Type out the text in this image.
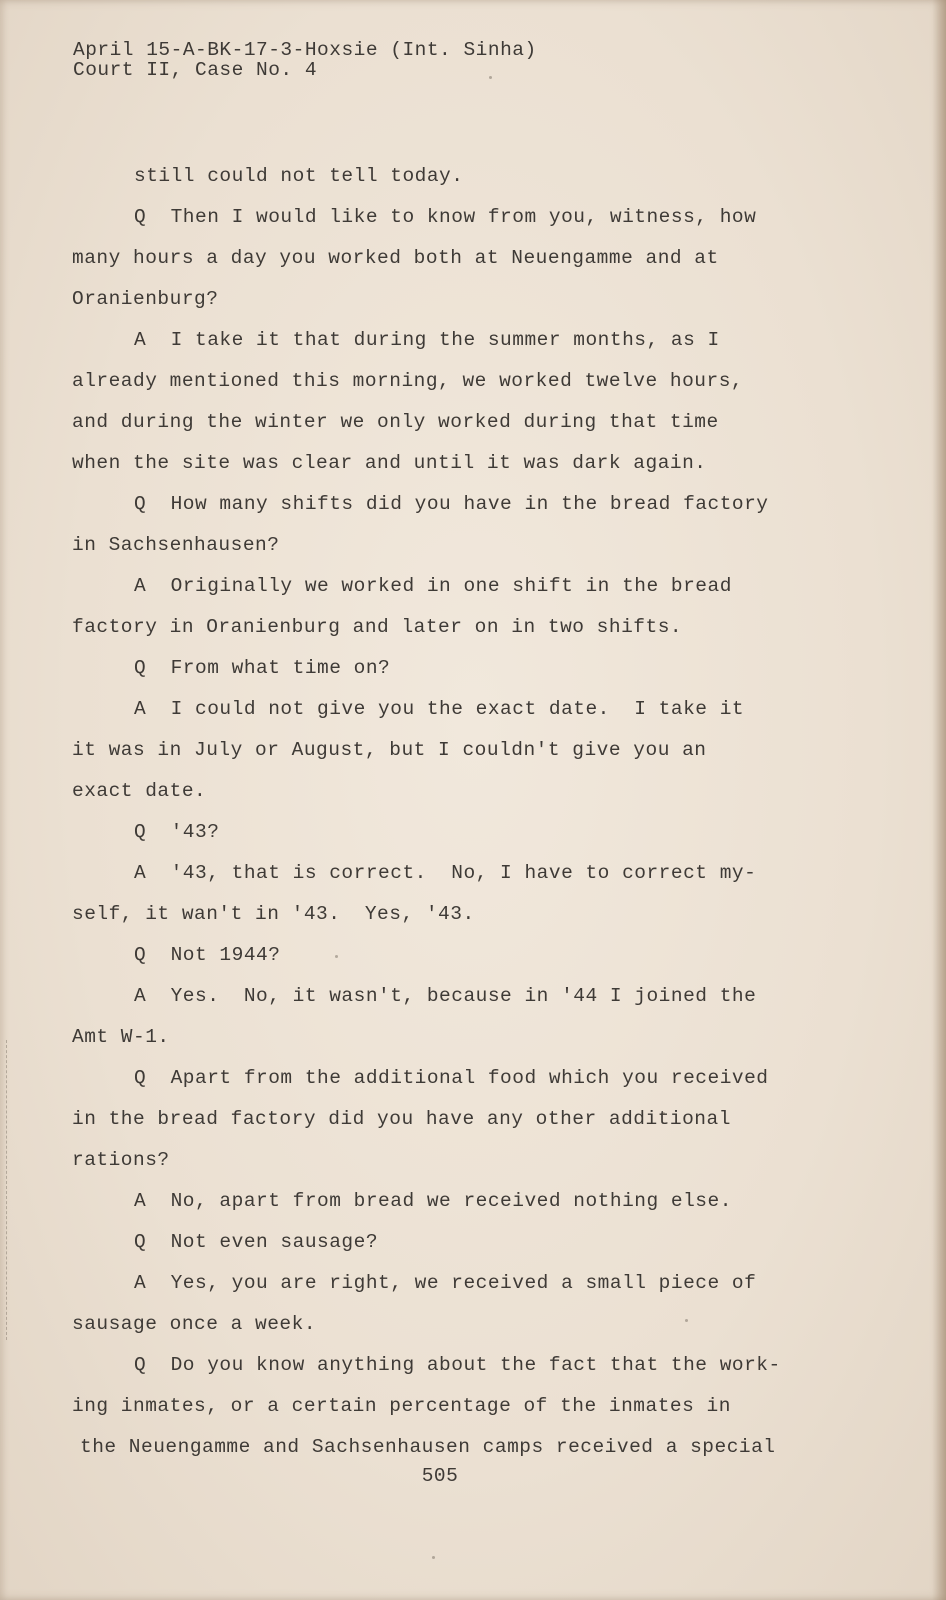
April 15-A-BK-17-3-Hoxsie (Int. Sinha)
Court II, Case No. 4
still could not tell today.
Q  Then I would like to know from you, witness, how
many hours a day you worked both at Neuengamme and at
Oranienburg?
A  I take it that during the summer months, as I
already mentioned this morning, we worked twelve hours,
and during the winter we only worked during that time
when the site was clear and until it was dark again.
Q  How many shifts did you have in the bread factory
in Sachsenhausen?
A  Originally we worked in one shift in the bread
factory in Oranienburg and later on in two shifts.
Q  From what time on?
A  I could not give you the exact date.  I take it
it was in July or August, but I couldn't give you an
exact date.
Q  '43?
A  '43, that is correct.  No, I have to correct my-
self, it wan't in '43.  Yes, '43.
Q  Not 1944?
A  Yes.  No, it wasn't, because in '44 I joined the
Amt W-1.
Q  Apart from the additional food which you received
in the bread factory did you have any other additional
rations?
A  No, apart from bread we received nothing else.
Q  Not even sausage?
A  Yes, you are right, we received a small piece of
sausage once a week.
Q  Do you know anything about the fact that the work-
ing inmates, or a certain percentage of the inmates in
the Neuengamme and Sachsenhausen camps received a special
505
